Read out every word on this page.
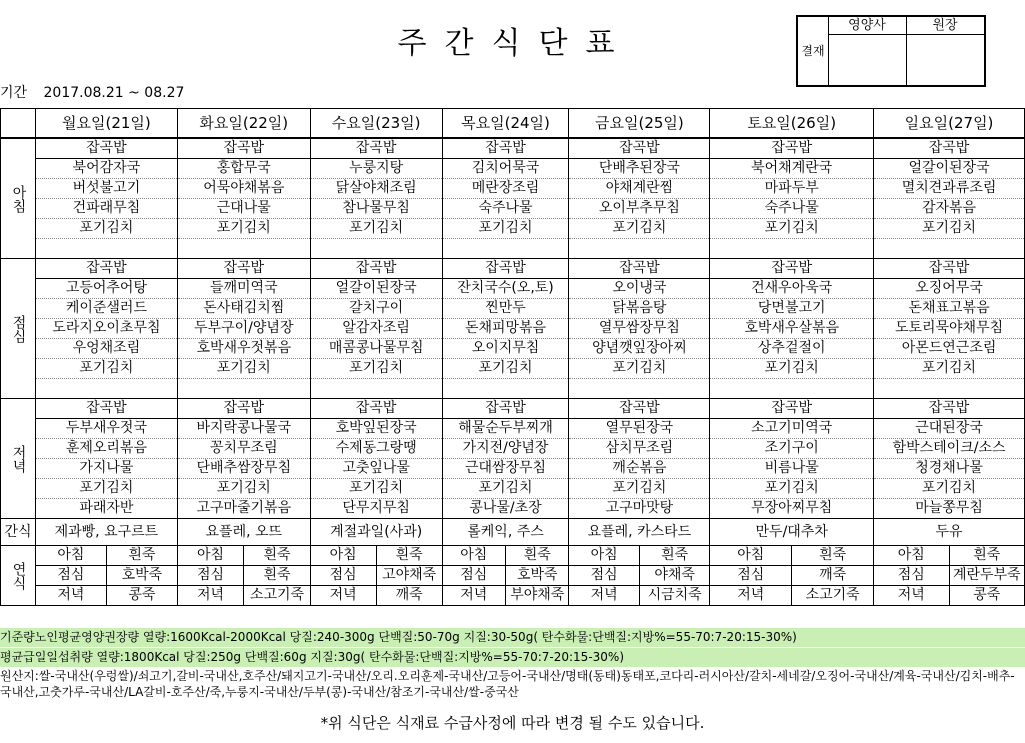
주간식단표	결재
영양사	원장
기간 2017.08.21 ~ 08.27
	월요일(21일)	화요일(22일)	수요일(23일)	목요일(24일)	금요일(25일)	토요일(26일)	일요일(27일)
아침	잡곡밥	잡곡밥	잡곡밥	잡곡밥	잡곡밥	잡곡밥	잡곡밥
	북어감자국	홍합무국	누룽지탕	김치어묵국	단배추된장국	북어채계란국	얼갈이된장국
	버섯불고기	어묵야채볶음	닭살야채조림	메란장조림	야채계란찜	마파두부	멸치견과류조림
	건파래무침	근대나물	참나물무침	숙주나물	오이부추무침	숙주나물	감자볶음
	포기김치	포기김치	포기김치	포기김치	포기김치	포기김치	포기김치

점심	잡곡밥	잡곡밥	잡곡밥	잡곡밥	잡곡밥	잡곡밥	잡곡밥
	고등어추어탕	들깨미역국	얼갈이된장국	잔치국수(오,토)	오이냉국	건새우아욱국	오징어무국
	케이준샐러드	돈사태김치찜	갈치구이	찐만두	닭볶음탕	당면불고기	돈채표고볶음
	도라지오이초무침	두부구이/양념장	알감자조림	돈채피망볶음	열무쌈장무침	호박새우살볶음	도토리묵야채무침
	우엉채조림	호박새우젓볶음	매콤콩나물무침	오이지무침	양념깻잎장아찌	상추겉절이	아몬드연근조림
	포기김치	포기김치	포기김치	포기김치	포기김치	포기김치	포기김치

저녁	잡곡밥	잡곡밥	잡곡밥	잡곡밥	잡곡밥	잡곡밥	잡곡밥
	두부새우젓국	바지락콩나물국	호박잎된장국	해물순두부찌개	열무된장국	소고기미역국	근대된장국
	훈제오리볶음	꽁치무조림	수제동그랑땡	가지전/양념장	삼치무조림	조기구이	함박스테이크/소스
	가지나물	단배추쌈장무침	고춧잎나물	근대쌈장무침	깨순볶음	비름나물	청경채나물
	포기김치	포기김치	포기김치	포기김치	포기김치	포기김치	포기김치
	파래자반	고구마줄기볶음	단무지무침	콩나물/초장	고구마맛탕	무장아찌무침	마늘쫑무침
간식	제과빵, 요구르트	요플레, 오뜨	계절과일(사과)	롤케익, 주스	요플레, 카스타드	만두/대추차	두유
연식	아침 흰죽	아침 흰죽	아침 흰죽	아침 흰죽	아침 흰죽	아침 흰죽	아침 흰죽

	점심 호박죽	점심 흰죽	점심 고야채죽	점심 호박죽	점심 야채죽	점심 깨죽	점심 계란두부죽

	저녁 콩죽	저녁 소고기죽	저녁 깨죽	저녁 부야채죽	저녁 시금치죽	저녁 소고기죽	저녁 콩죽
기준량노인평균영양권장량 열량:1600Kcal-2000Kcal 당질:240-300g 단백질:50-70g 지질:30-50g( 탄수화물:단백질:지방%=55-70:7-20:15-30%)
평균급일일섭취량 열량:1800Kcal 당질:250g 단백질:60g 지질:30g( 탄수화물:단백질:지방%=55-70:7-20:15-30%)
원산지:쌀-국내산(우렁쌀)/쇠고기,갈비-국내산,호주산/돼지고기-국내산/오리.오리훈제-국내산/고등어-국내산/명태(동태)동태포,코다리-러시아산/갈치-세네갈/오징어-국내산/계육-국내산/김치-배추-국내산,고춧가루-국내산/LA갈비-호주산/죽,누룽지-국내산/두부(콩)-국내산/참조기-국내산/쌀-중국산
*위 식단은 식재료 수급사정에 따라 변경 될 수도 있습니다.
